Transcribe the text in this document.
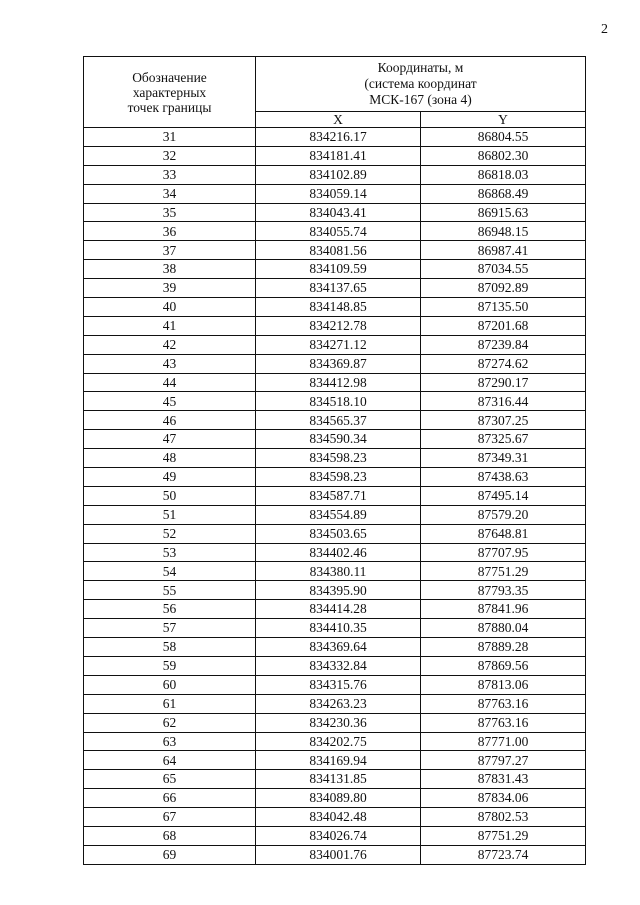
2
Обозначение
характерных
точек границы	Координаты, м
(система координат
МСК-167 (зона 4)	

	X	Y
31	834216.17	86804.55
32	834181.41	86802.30
33	834102.89	86818.03
34	834059.14	86868.49
35	834043.41	86915.63
36	834055.74	86948.15
37	834081.56	86987.41
38	834109.59	87034.55
39	834137.65	87092.89
40	834148.85	87135.50
41	834212.78	87201.68
42	834271.12	87239.84
43	834369.87	87274.62
44	834412.98	87290.17
45	834518.10	87316.44
46	834565.37	87307.25
47	834590.34	87325.67
48	834598.23	87349.31
49	834598.23	87438.63
50	834587.71	87495.14
51	834554.89	87579.20
52	834503.65	87648.81
53	834402.46	87707.95
54	834380.11	87751.29
55	834395.90	87793.35
56	834414.28	87841.96
57	834410.35	87880.04
58	834369.64	87889.28
59	834332.84	87869.56
60	834315.76	87813.06
61	834263.23	87763.16
62	834230.36	87763.16
63	834202.75	87771.00
64	834169.94	87797.27
65	834131.85	87831.43
66	834089.80	87834.06
67	834042.48	87802.53
68	834026.74	87751.29
69	834001.76	87723.74
